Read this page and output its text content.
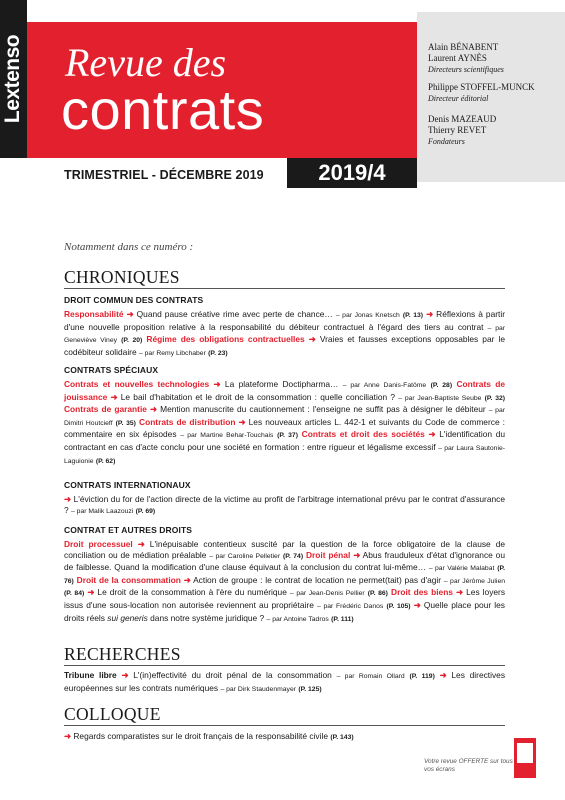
Lextenso Revue des
contrats
Alain BÉNABENT
Laurent AYNÈS
Directeurs scientifiques
Philippe STOFFEL-MUNCK
Directeur éditorial
Denis MAZEAUD
Thierry REVET
Fondateurs
TRIMESTRIEL - DÉCEMBRE 2019	2019/4
Notamment dans ce numéro :
CHRONIQUES
DROIT COMMUN DES CONTRATS
Responsabilité ➜ Quand pause créative rime avec perte de chance… – par Jonas Knetsch (P. 13) ➜ Réflexions à partir d'une nouvelle proposition relative à la responsabilité du débiteur contractuel à l'égard des tiers au contrat – par Geneviève Viney (P. 20) Régime des obligations contractuelles ➜ Vraies et fausses exceptions opposables par le codébiteur solidaire – par Remy Libchaber (P. 23)
CONTRATS SPÉCIAUX
Contrats et nouvelles technologies ➜ La plateforme Doctipharma… – par Anne Danis-Fatôme (P. 28) Contrats de jouissance ➜ Le bail d'habitation et le droit de la consommation : quelle conciliation ? – par Jean-Baptiste Seube (P. 32) Contrats de garantie ➜ Mention manuscrite du cautionnement : l'enseigne ne suffit pas à désigner le débiteur – par Dimitri Houtcieff (P. 35) Contrats de distribution ➜ Les nouveaux articles L. 442-1 et suivants du Code de commerce : commentaire en six épisodes – par Martine Behar-Touchais (P. 37) Contrats et droit des sociétés ➜ L'identification du contractant en cas d'acte conclu pour une société en formation : entre rigueur et légalisme excessif – par Laura Sautonie-Laguionie (P. 62)
CONTRATS INTERNATIONAUX
➜ L'éviction du for de l'action directe de la victime au profit de l'arbitrage international prévu par le contrat d'assurance ? – par Malik Laazouzi (P. 69)
CONTRAT ET AUTRES DROITS
Droit processuel ➜ L'inépuisable contentieux suscité par la question de la force obligatoire de la clause de conciliation ou de médiation préalable – par Caroline Pelletier (P. 74) Droit pénal ➜ Abus frauduleux d'état d'ignorance ou de faiblesse. Quand la modification d'une clause équivaut à la conclusion du contrat lui-même… – par Valérie Malabat (P. 76) Droit de la consommation ➜ Action de groupe : le contrat de location ne permet(tait) pas d'agir – par Jérôme Julien (P. 84) ➜ Le droit de la consommation à l'ère du numérique – par Jean-Denis Pellier (P. 86) Droit des biens ➜ Les loyers issus d'une sous-location non autorisée reviennent au propriétaire – par Frédéric Danos (P. 105) ➜ Quelle place pour les droits réels sui generis dans notre système juridique ? – par Antoine Tadros (P. 111)
RECHERCHES
Tribune libre ➜ L'(in)effectivité du droit pénal de la consommation – par Romain Ollard (P. 119) ➜ Les directives européennes sur les contrats numériques – par Dirk Staudenmayer (P. 125)
COLLOQUE
➜ Regards comparatistes sur le droit français de la responsabilité civile (P. 143)
Votre revue OFFERTE sur tous vos écrans
